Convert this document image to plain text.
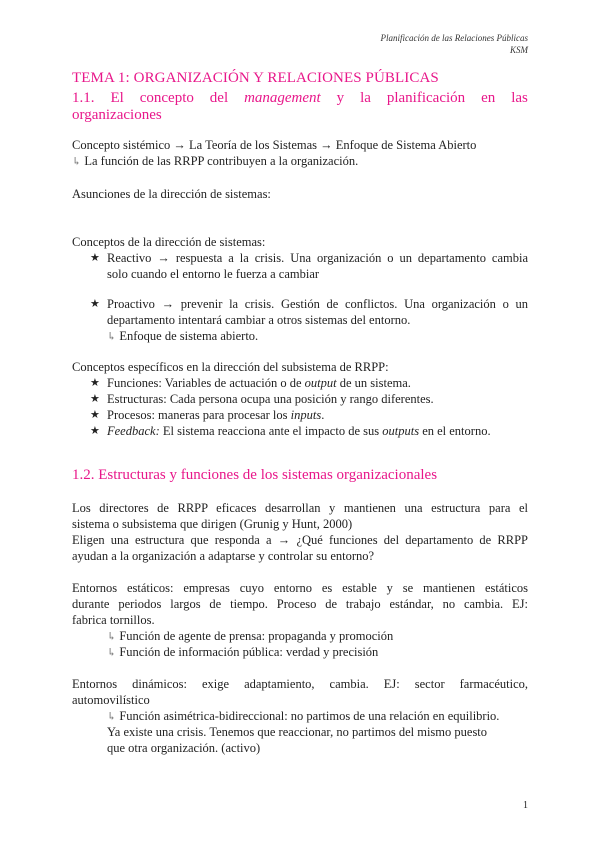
Planificación de las Relaciones Públicas
KSM
TEMA 1: ORGANIZACIÓN Y RELACIONES PÚBLICAS
1.1. El concepto del management y la planificación en las
organizaciones
Concepto sistémico → La Teoría de los Sistemas → Enfoque de Sistema Abierto
↳ La función de las RRPP contribuyen a la organización.
Asunciones de la dirección de sistemas:
Conceptos de la dirección de sistemas:
★ Reactivo → respuesta a la crisis. Una organización o un departamento cambia
solo cuando el entorno le fuerza a cambiar
★ Proactivo → prevenir la crisis. Gestión de conflictos. Una organización o un
departamento intentará cambiar a otros sistemas del entorno.
↳ Enfoque de sistema abierto.
Conceptos específicos en la dirección del subsistema de RRPP:
★ Funciones: Variables de actuación o de output de un sistema.
★ Estructuras: Cada persona ocupa una posición y rango diferentes.
★ Procesos: maneras para procesar los inputs.
★ Feedback: El sistema reacciona ante el impacto de sus outputs en el entorno.
1.2. Estructuras y funciones de los sistemas organizacionales
Los directores de RRPP eficaces desarrollan y mantienen una estructura para el
sistema o subsistema que dirigen (Grunig y Hunt, 2000)
Eligen una estructura que responda a → ¿Qué funciones del departamento de RRPP
ayudan a la organización a adaptarse y controlar su entorno?
Entornos estáticos: empresas cuyo entorno es estable y se mantienen estáticos
durante periodos largos de tiempo. Proceso de trabajo estándar, no cambia. EJ:
fabrica tornillos.
↳ Función de agente de prensa: propaganda y promoción
↳ Función de información pública: verdad y precisión
Entornos dinámicos: exige adaptamiento, cambia. EJ: sector farmacéutico,
automovilístico
↳ Función asimétrica-bidireccional: no partimos de una relación en equilibrio.
Ya existe una crisis. Tenemos que reaccionar, no partimos del mismo puesto
que otra organización. (activo)
1
